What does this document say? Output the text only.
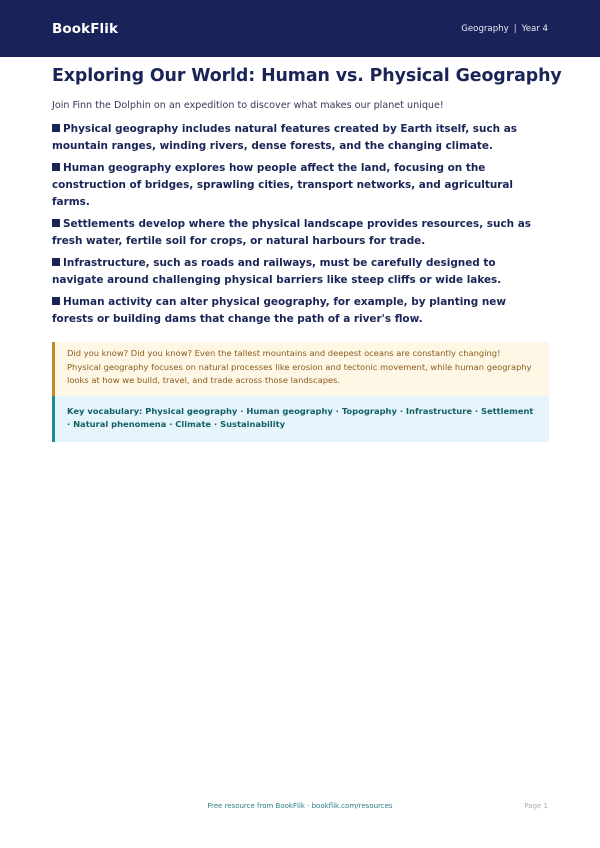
BookFlik	Geography | Year 4
Exploring Our World: Human vs. Physical Geography

Join Finn the Dolphin on an expedition to discover what makes our planet unique!

Physical geography includes natural features created by Earth itself, such as mountain ranges, winding rivers, dense forests, and the changing climate.
Human geography explores how people affect the land, focusing on the construction of bridges, sprawling cities, transport networks, and agricultural farms.
Settlements develop where the physical landscape provides resources, such as fresh water, fertile soil for crops, or natural harbours for trade.
Infrastructure, such as roads and railways, must be carefully designed to navigate around challenging physical barriers like steep cliffs or wide lakes.
Human activity can alter physical geography, for example, by planting new forests or building dams that change the path of a river's flow.
Did you know? Did you know? Even the tallest mountains and deepest oceans are constantly changing! Physical geography focuses on natural processes like erosion and tectonic movement, while human geography looks at how we build, travel, and trade across those landscapes.
Key vocabulary: Physical geography · Human geography · Topography · Infrastructure · Settlement · Natural phenomena · Climate · Sustainability
Free resource from BookFlik · bookflik.com/resources	Page 1
